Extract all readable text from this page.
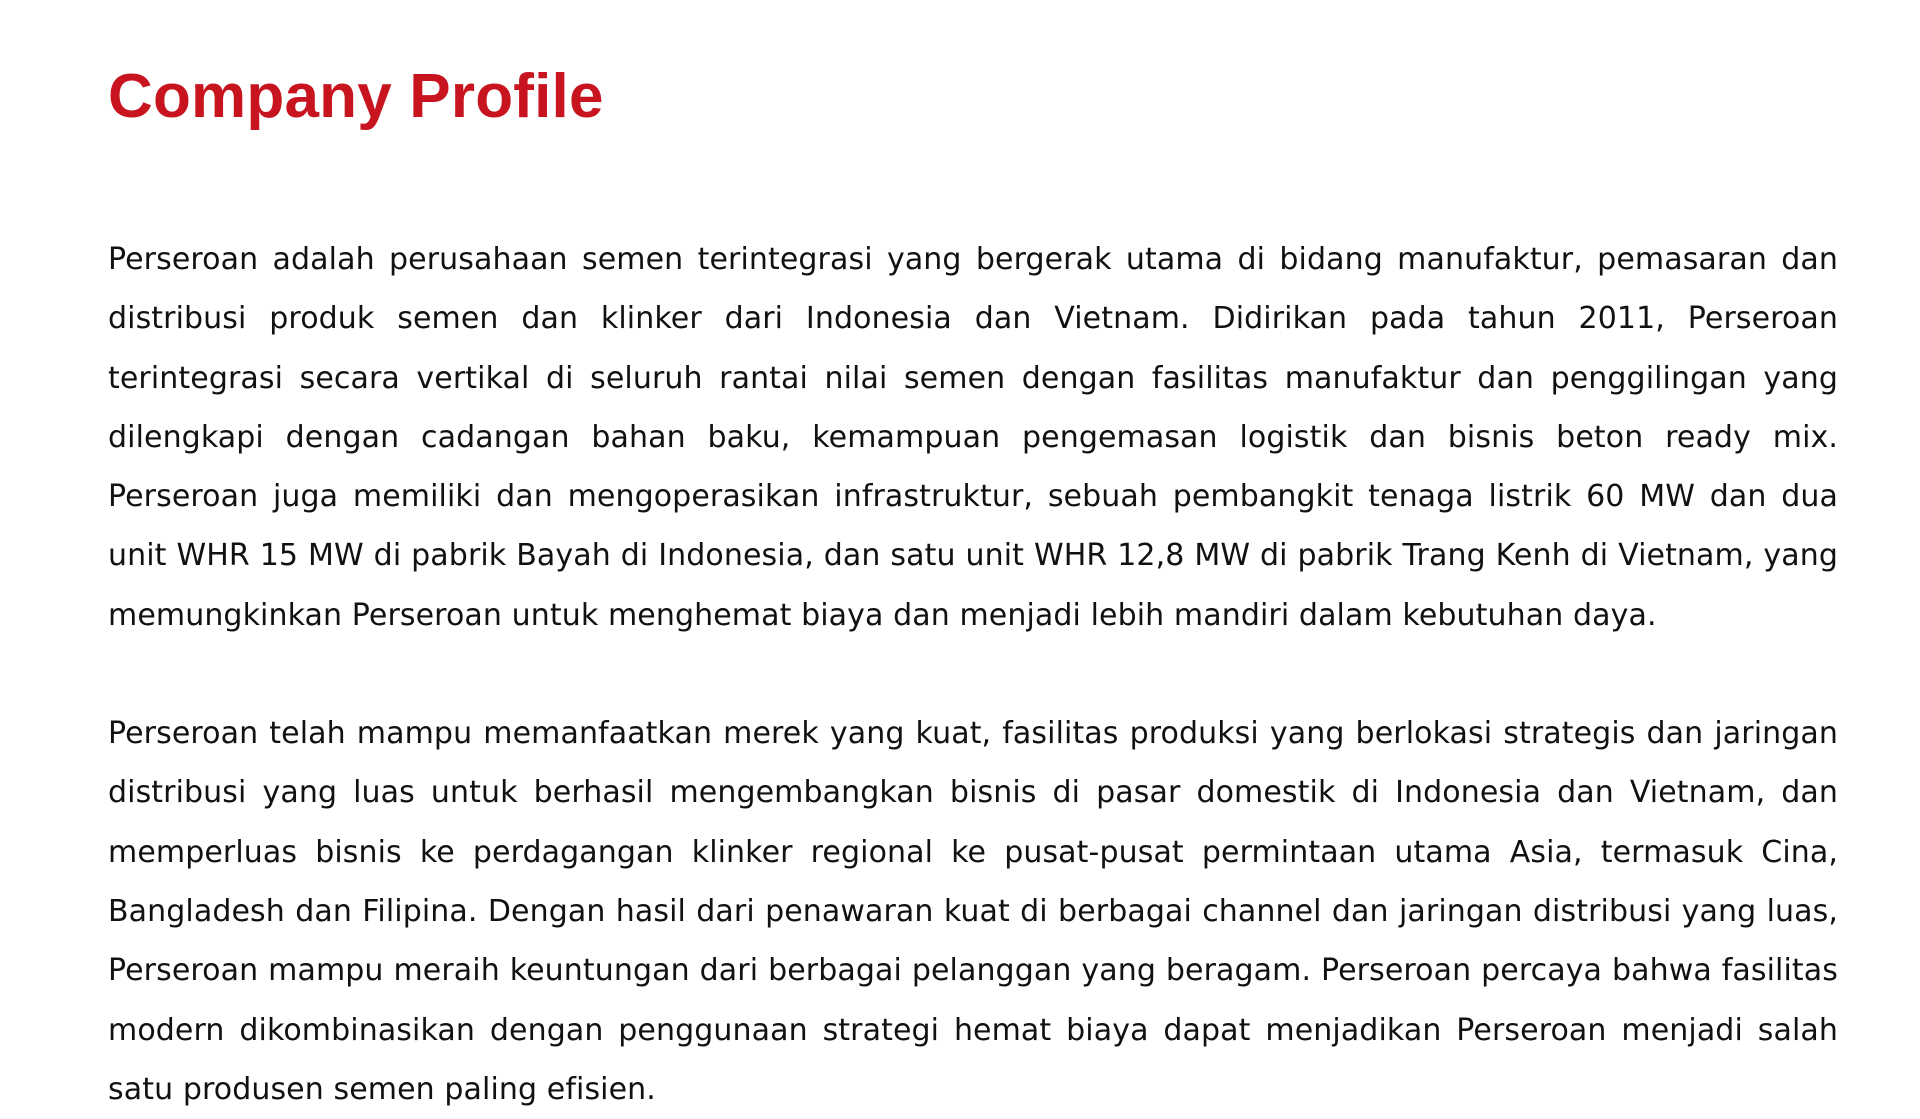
Company Profile

Perseroan adalah perusahaan semen terintegrasi yang bergerak utama di bidang manufaktur, pemasaran dan distribusi produk semen dan klinker dari Indonesia dan Vietnam. Didirikan pada tahun 2011, Perseroan terintegrasi secara vertikal di seluruh rantai nilai semen dengan fasilitas manufaktur dan penggilingan yang dilengkapi dengan cadangan bahan baku, kemampuan pengemasan logistik dan bisnis beton ready mix. Perseroan juga memiliki dan mengoperasikan infrastruktur, sebuah pembangkit tenaga listrik 60 MW dan dua unit WHR 15 MW di pabrik Bayah di Indonesia, dan satu unit WHR 12,8 MW di pabrik Trang Kenh di Vietnam, yang memungkinkan Perseroan untuk menghemat biaya dan menjadi lebih mandiri dalam kebutuhan daya.

Perseroan telah mampu memanfaatkan merek yang kuat, fasilitas produksi yang berlokasi strategis dan jaringan distribusi yang luas untuk berhasil mengembangkan bisnis di pasar domestik di Indonesia dan Vietnam, dan memperluas bisnis ke perdagangan klinker regional ke pusat-pusat permintaan utama Asia, termasuk Cina, Bangladesh dan Filipina. Dengan hasil dari penawaran kuat di berbagai channel dan jaringan distribusi yang luas, Perseroan mampu meraih keuntungan dari berbagai pelanggan yang beragam. Perseroan percaya bahwa fasilitas modern dikombinasikan dengan penggunaan strategi hemat biaya dapat menjadikan Perseroan menjadi salah satu produsen semen paling efisien.
